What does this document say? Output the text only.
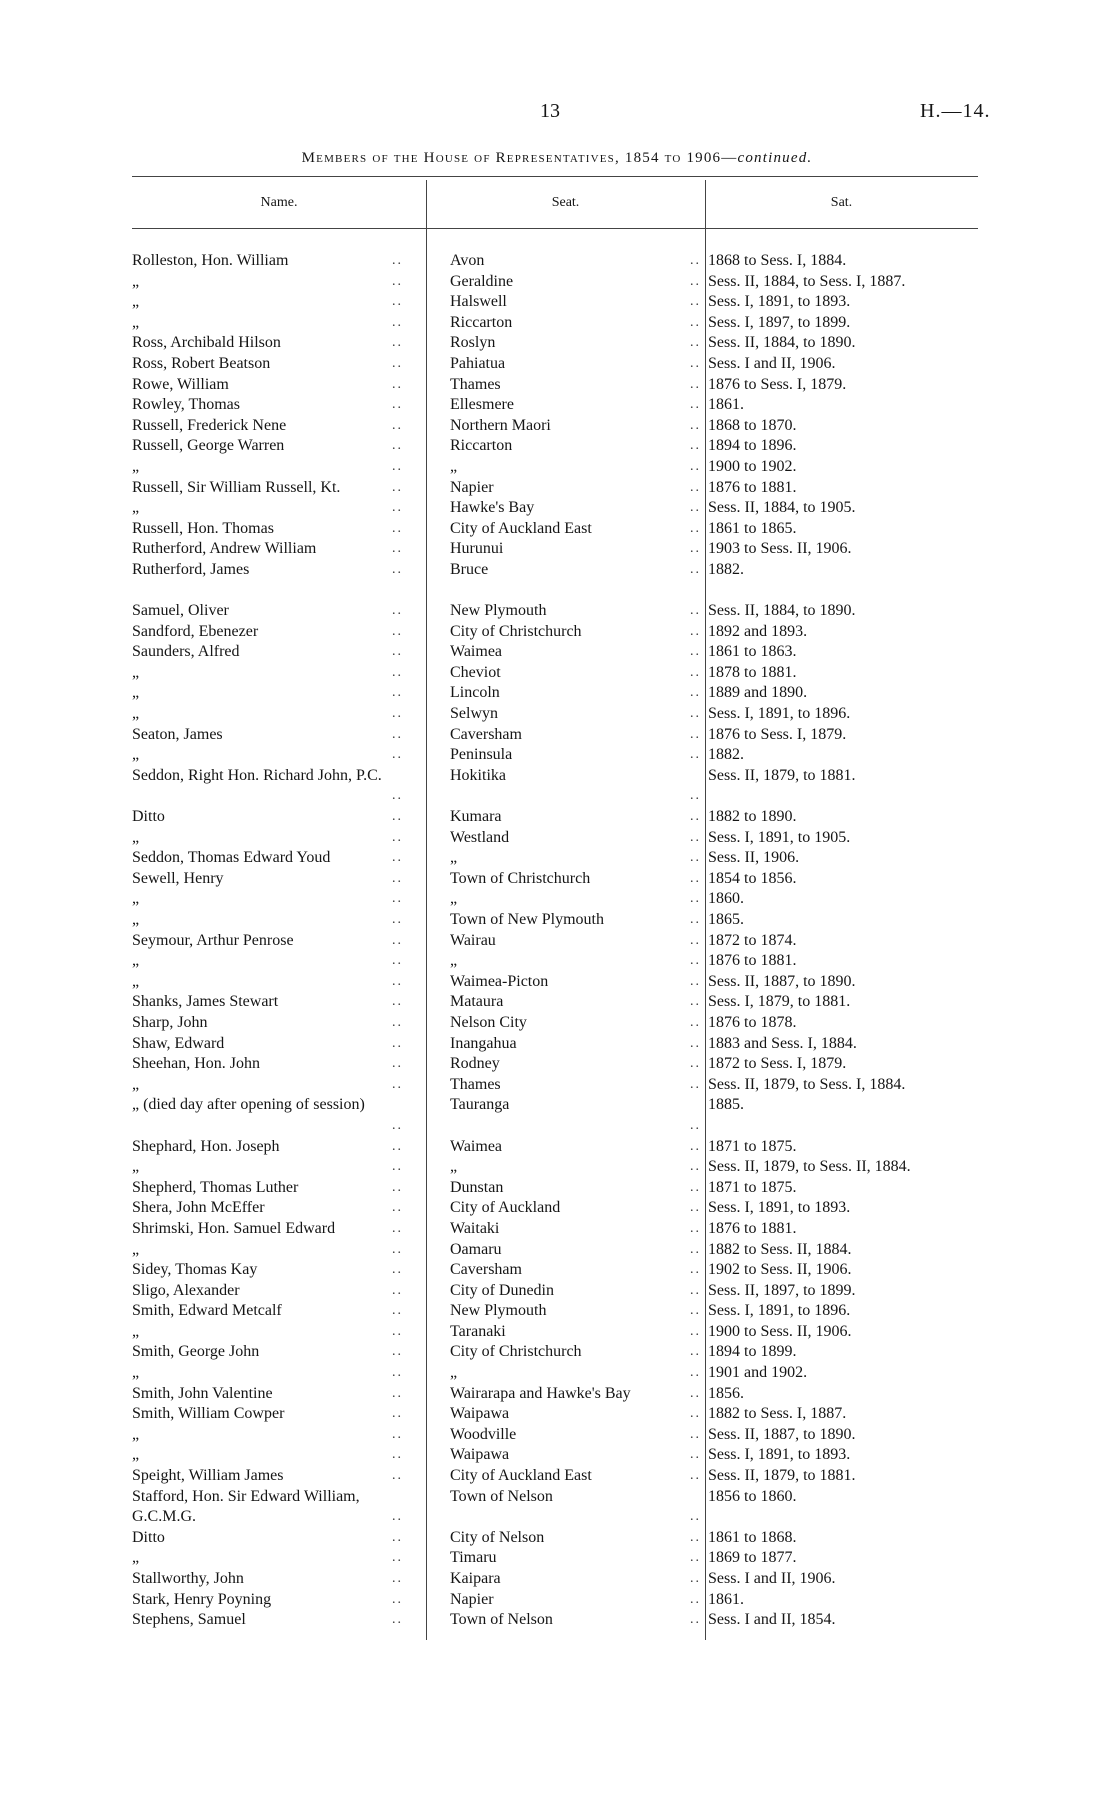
13	H.—14.
Members of the House of Representatives, 1854 to 1906—continued.
Name.	Seat.	Sat.
Rolleston, Hon. William	Avon	1868 to Sess. I, 1884.
..	..
„	Geraldine	Sess. II, 1884, to Sess. I, 1887.
..	..
„	Halswell	Sess. I, 1891, to 1893.
..	..
„	Riccarton	Sess. I, 1897, to 1899.
..	..
Ross, Archibald Hilson	Roslyn	Sess. II, 1884, to 1890.
..	..
Ross, Robert Beatson	Pahiatua	Sess. I and II, 1906.
..	..
Rowe, William	Thames	1876 to Sess. I, 1879.
..	..
Rowley, Thomas	Ellesmere	1861.
..	..
Russell, Frederick Nene	Northern Maori	1868 to 1870.
..	..
Russell, George Warren	Riccarton	1894 to 1896.
..	..
„	„	1900 to 1902.
..	..
Russell, Sir William Russell, Kt.	Napier	1876 to 1881.
..	..
„	Hawke's Bay	Sess. II, 1884, to 1905.
..	..
Russell, Hon. Thomas	City of Auckland East	1861 to 1865.
..	..
Rutherford, Andrew William	Hurunui	1903 to Sess. II, 1906.
..	..
Rutherford, James	Bruce	1882.
..	..
Samuel, Oliver	New Plymouth	Sess. II, 1884, to 1890.
..	..
Sandford, Ebenezer	City of Christchurch	1892 and 1893.
..	..
Saunders, Alfred	Waimea	1861 to 1863.
..	..
„	Cheviot	1878 to 1881.
..	..
„	Lincoln	1889 and 1890.
..	..
„	Selwyn	Sess. I, 1891, to 1896.
..	..
Seaton, James	Caversham	1876 to Sess. I, 1879.
..	..
„	Peninsula	1882.
..	..
Seddon, Right Hon. Richard John, P.C.	Hokitika	Sess. II, 1879, to 1881.
..	..
Ditto	Kumara	1882 to 1890.
..	..
„	Westland	Sess. I, 1891, to 1905.
..	..
Seddon, Thomas Edward Youd	„	Sess. II, 1906.
..	..
Sewell, Henry	Town of Christchurch	1854 to 1856.
..	..
„	„	1860.
..	..
„	Town of New Plymouth	1865.
..	..
Seymour, Arthur Penrose	Wairau	1872 to 1874.
..	..
„	„	1876 to 1881.
..	..
„	Waimea-Picton	Sess. II, 1887, to 1890.
..	..
Shanks, James Stewart	Mataura	Sess. I, 1879, to 1881.
..	..
Sharp, John	Nelson City	1876 to 1878.
..	..
Shaw, Edward	Inangahua	1883 and Sess. I, 1884.
..	..
Sheehan, Hon. John	Rodney	1872 to Sess. I, 1879.
..	..
„	Thames	Sess. II, 1879, to Sess. I, 1884.
..	..
„ (died day after opening of session)	Tauranga	1885.
..	..
Shephard, Hon. Joseph	Waimea	1871 to 1875.
..	..
„	„	Sess. II, 1879, to Sess. II, 1884.
..	..
Shepherd, Thomas Luther	Dunstan	1871 to 1875.
..	..
Shera, John McEffer	City of Auckland	Sess. I, 1891, to 1893.
..	..
Shrimski, Hon. Samuel Edward	Waitaki	1876 to 1881.
..	..
„	Oamaru	1882 to Sess. II, 1884.
..	..
Sidey, Thomas Kay	Caversham	1902 to Sess. II, 1906.
..	..
Sligo, Alexander	City of Dunedin	Sess. II, 1897, to 1899.
..	..
Smith, Edward Metcalf	New Plymouth	Sess. I, 1891, to 1896.
..	..
„	Taranaki	1900 to Sess. II, 1906.
..	..
Smith, George John	City of Christchurch	1894 to 1899.
..	..
„	„	1901 and 1902.
..	..
Smith, John Valentine	Wairarapa and Hawke's Bay	1856.
..	..
Smith, William Cowper	Waipawa	1882 to Sess. I, 1887.
..	..
„	Woodville	Sess. II, 1887, to 1890.
..	..
„	Waipawa	Sess. I, 1891, to 1893.
..	..
Speight, William James	City of Auckland East	Sess. II, 1879, to 1881.
..	..
Stafford, Hon. Sir Edward William, G.C.M.G.
Town of Nelson	1856 to 1860.
..	..
Ditto	City of Nelson	1861 to 1868.
..	..
„	Timaru	1869 to 1877.
..	..
Stallworthy, John	Kaipara	Sess. I and II, 1906.
..	..
Stark, Henry Poyning	Napier	1861.
..	..
Stephens, Samuel	Town of Nelson	Sess. I and II, 1854.
..	..
